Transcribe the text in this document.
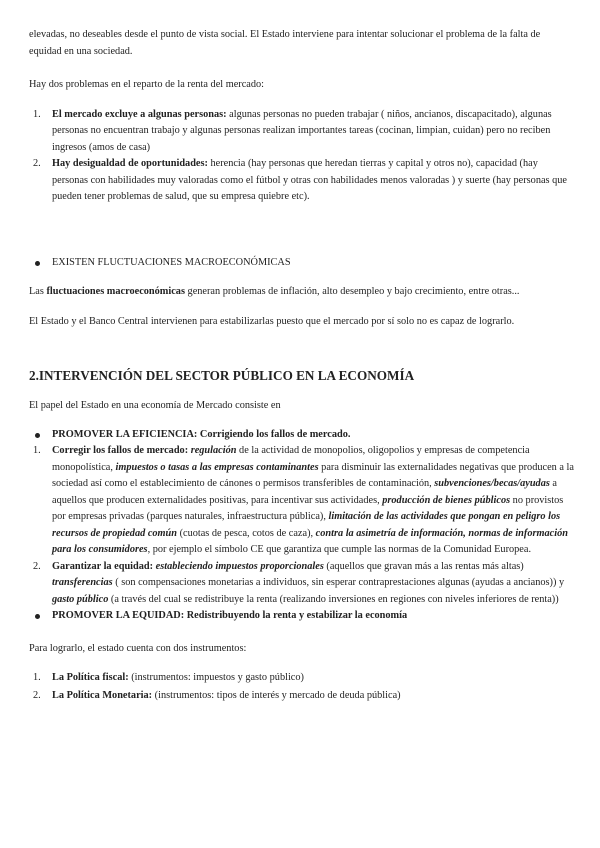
elevadas, no deseables desde el punto de vista social. El Estado interviene para intentar solucionar el problema de la falta de equidad en una sociedad.

Hay dos problemas en el reparto de la renta del mercado:

1. El mercado excluye a algunas personas: algunas personas no pueden trabajar ( niños, ancianos, discapacitado), algunas personas no encuentran trabajo y algunas personas realizan importantes tareas (cocinan, limpian, cuidan) pero no reciben ingresos (amos de casa)
2. Hay desigualdad de oportunidades: herencia (hay personas que heredan tierras y capital y otros no), capacidad (hay personas con habilidades muy valoradas como el fútbol y otras con habilidades menos valoradas ) y suerte (hay personas que pueden tener problemas de salud, que su empresa quiebre etc).
EXISTEN FLUCTUACIONES MACROECONÓMICAS

Las fluctuaciones macroeconómicas generan problemas de inflación, alto desempleo y bajo crecimiento, entre otras...

El Estado y el Banco Central intervienen para estabilizarlas puesto que el mercado por sí solo no es capaz de lograrlo.

2.INTERVENCIÓN DEL SECTOR PÚBLICO EN LA ECONOMÍA

El papel del Estado en una economía de Mercado consiste en

PROMOVER LA EFICIENCIA: Corrigiendo los fallos de mercado.
1. Corregir los fallos de mercado: regulación de la actividad de monopolios, oligopolios y empresas de competencia monopolística, impuestos o tasas a las empresas contaminantes para disminuir las externalidades negativas que producen a la sociedad así como el establecimiento de cánones o permisos transferibles de contaminación, subvenciones/becas/ayudas a aquellos que producen externalidades positivas, para incentivar sus actividades, producción de bienes públicos no provistos por empresas privadas (parques naturales, infraestructura pública), limitación de las actividades que pongan en peligro los recursos de propiedad común (cuotas de pesca, cotos de caza), contra la asimetría de información, normas de información para los consumidores, por ejemplo el símbolo CE que garantiza que cumple las normas de la Comunidad Europea.
2. Garantizar la equidad: estableciendo impuestos proporcionales (aquellos que gravan más a las rentas más altas) transferencias ( son compensaciones monetarias a individuos, sin esperar contraprestaciones algunas (ayudas a ancianos)) y gasto público (a través del cual se redistribuye la renta (realizando inversiones en regiones con niveles inferiores de renta))
PROMOVER LA EQUIDAD: Redistribuyendo la renta y estabilizar la economía

Para lograrlo, el estado cuenta con dos instrumentos:

1. La Política fiscal: (instrumentos: impuestos y gasto público)
2. La Política Monetaria: (instrumentos: tipos de interés y mercado de deuda pública)
